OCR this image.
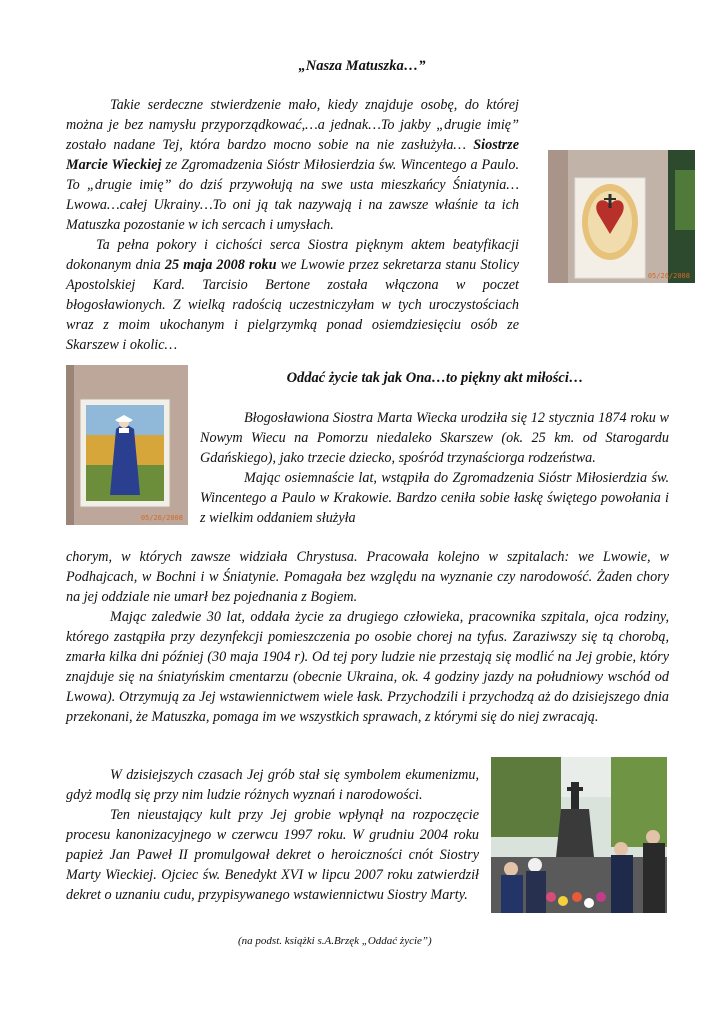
„Nasza Matuszka…”
05/26/2008

Takie serdeczne stwierdzenie mało, kiedy znajduje osobę, do której można je bez namysłu przyporządkować,…a jednak…To jakby „drugie imię” zostało nadane Tej, która bardzo mocno sobie na nie zasłużyła… Siostrze Marcie Wieckiej ze Zgromadzenia Sióstr Miłosierdzia św. Wincentego a Paulo. To „drugie imię” do dziś przywołują na swe usta mieszkańcy Śniatynia…Lwowa…całej Ukrainy…To oni ją tak nazywają i na zawsze właśnie ta ich Matuszka pozostanie w ich sercach i umysłach.

Ta pełna pokory i cichości serca Siostra pięknym aktem beatyfikacji dokonanym dnia 25 maja 2008 roku we Lwowie przez sekretarza stanu Stolicy Apostolskiej Kard. Tarcisio Bertone została włączona w poczet błogosławionych. Z wielką radością uczestniczyłam w tych uroczystościach wraz z moim ukochanym i pielgrzymką ponad osiemdziesięciu osób ze Skarszew i okolic…

05/26/2008
Oddać życie tak jak Ona…to piękny akt miłości…

Błogosławiona Siostra Marta Wiecka urodziła się 12 stycznia 1874 roku w Nowym Wiecu na Pomorzu niedaleko Skarszew (ok. 25 km. od Starogardu Gdańskiego), jako trzecie dziecko, spośród trzynaściorga rodzeństwa.

Mając osiemnaście lat, wstąpiła do Zgromadzenia Sióstr Miłosierdzia św. Wincentego a Paulo w Krakowie. Bardzo ceniła sobie łaskę świętego powołania i z wielkim oddaniem służyła

chorym, w których zawsze widziała Chrystusa. Pracowała kolejno w szpitalach: we Lwowie, w Podhajcach, w Bochni i w Śniatynie. Pomagała bez względu na wyznanie czy narodowość. Żaden chory na jej oddziale nie umarł bez pojednania z Bogiem.

Mając zaledwie 30 lat, oddała życie za drugiego człowieka, pracownika szpitala, ojca rodziny, którego zastąpiła przy dezynfekcji pomieszczenia po osobie chorej na tyfus. Zaraziwszy się tą chorobą, zmarła kilka dni później (30 maja 1904 r). Od tej pory ludzie nie przestają się modlić na Jej grobie, który znajduje się na śniatyńskim cmentarzu (obecnie Ukraina, ok. 4 godziny jazdy na południowy wschód od Lwowa). Otrzymują za Jej wstawiennictwem wiele łask. Przychodzili i przychodzą aż do dzisiejszego dnia przekonani, że Matuszka, pomaga im we wszystkich sprawach, z którymi się do niej zwracają.

W dzisiejszych czasach Jej grób stał się symbolem ekumenizmu, gdyż modlą się przy nim ludzie różnych wyznań i narodowości.

Ten nieustający kult przy Jej grobie wpłynął na rozpoczęcie procesu kanonizacyjnego w czerwcu 1997 roku. W grudniu 2004 roku papież Jan Paweł II promulgował dekret o heroiczności cnót Siostry Marty Wieckiej. Ojciec św. Benedykt XVI w lipcu 2007 roku zatwierdził dekret o uznaniu cudu, przypisywanego wstawiennictwu Siostry Marty.

(na podst. książki s.A.Brzęk „Oddać życie”)
